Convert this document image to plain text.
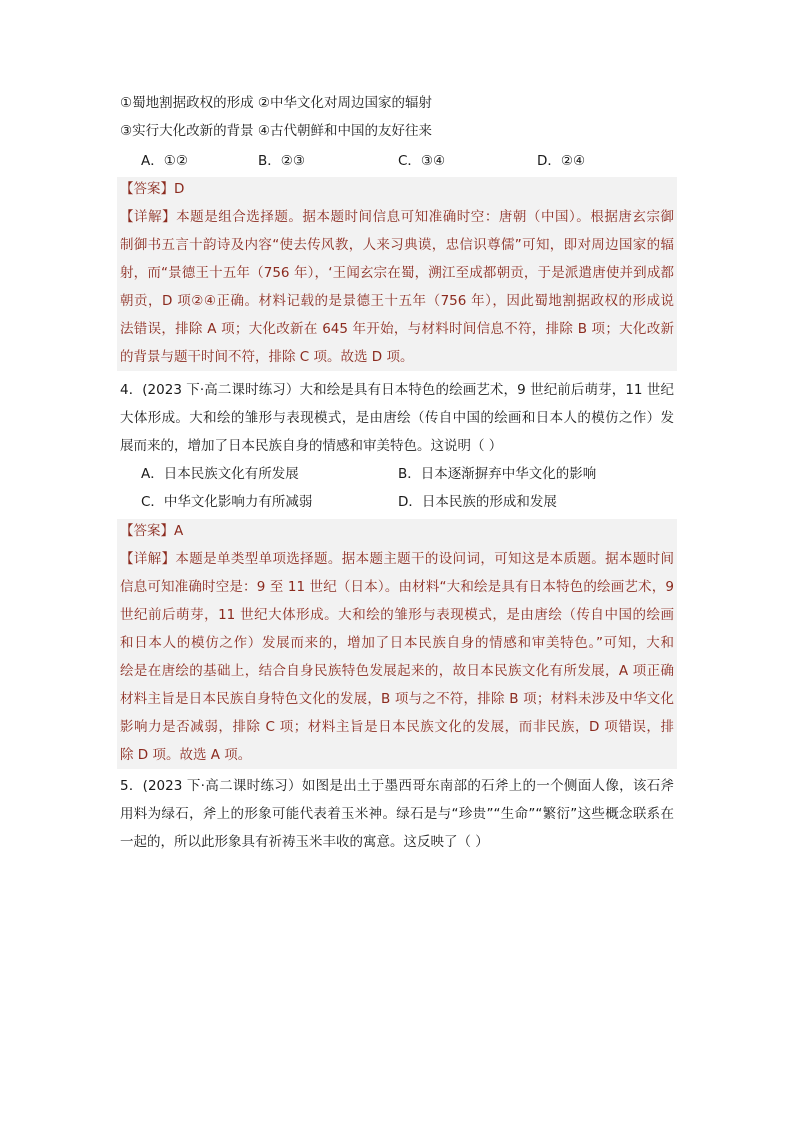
①蜀地割据政权的形成 ②中华文化对周边国家的辐射
③实行大化改新的背景 ④古代朝鲜和中国的友好往来
A．①②	B．②③	C．③④	D．②④
【答案】D
【详解】本题是组合选择题。据本题时间信息可知准确时空：唐朝（中国）。根据唐玄宗御
制御书五言十韵诗及内容“使去传风教，人来习典谟，忠信识尊儒”可知，即对周边国家的辐
射，而“景德王十五年（756 年），‘王闻玄宗在蜀，溯江至成都朝贡，于是派遣唐使并到成都
朝贡，D 项②④正确。材料记载的是景德王十五年（756 年），因此蜀地割据政权的形成说
法错误，排除 A 项；大化改新在 645 年开始，与材料时间信息不符，排除 B 项；大化改新
的背景与题干时间不符，排除 C 项。故选 D 项。
4．(2023 下·高二课时练习）大和绘是具有日本特色的绘画艺术，9 世纪前后萌芽，11 世纪
大体形成。大和绘的雏形与表现模式，是由唐绘（传自中国的绘画和日本人的模仿之作）发
展而来的，增加了日本民族自身的情感和审美特色。这说明（ ）
A．日本民族文化有所发展	B．日本逐渐摒弃中华文化的影响
C．中华文化影响力有所减弱	D．日本民族的形成和发展
【答案】A
【详解】本题是单类型单项选择题。据本题主题干的设问词，可知这是本质题。据本题时间
信息可知准确时空是：9 至 11 世纪（日本）。由材料“大和绘是具有日本特色的绘画艺术，9
世纪前后萌芽，11 世纪大体形成。大和绘的雏形与表现模式，是由唐绘（传自中国的绘画
和日本人的模仿之作）发展而来的，增加了日本民族自身的情感和审美特色。”可知，大和
绘是在唐绘的基础上，结合自身民族特色发展起来的，故日本民族文化有所发展，A 项正确
材料主旨是日本民族自身特色文化的发展，B 项与之不符，排除 B 项；材料未涉及中华文化
影响力是否减弱，排除 C 项；材料主旨是日本民族文化的发展，而非民族，D 项错误，排
除 D 项。故选 A 项。
5．(2023 下·高二课时练习）如图是出土于墨西哥东南部的石斧上的一个侧面人像，该石斧
用料为绿石，斧上的形象可能代表着玉米神。绿石是与“珍贵”“生命”“繁衍”这些概念联系在
一起的，所以此形象具有祈祷玉米丰收的寓意。这反映了（ ）
